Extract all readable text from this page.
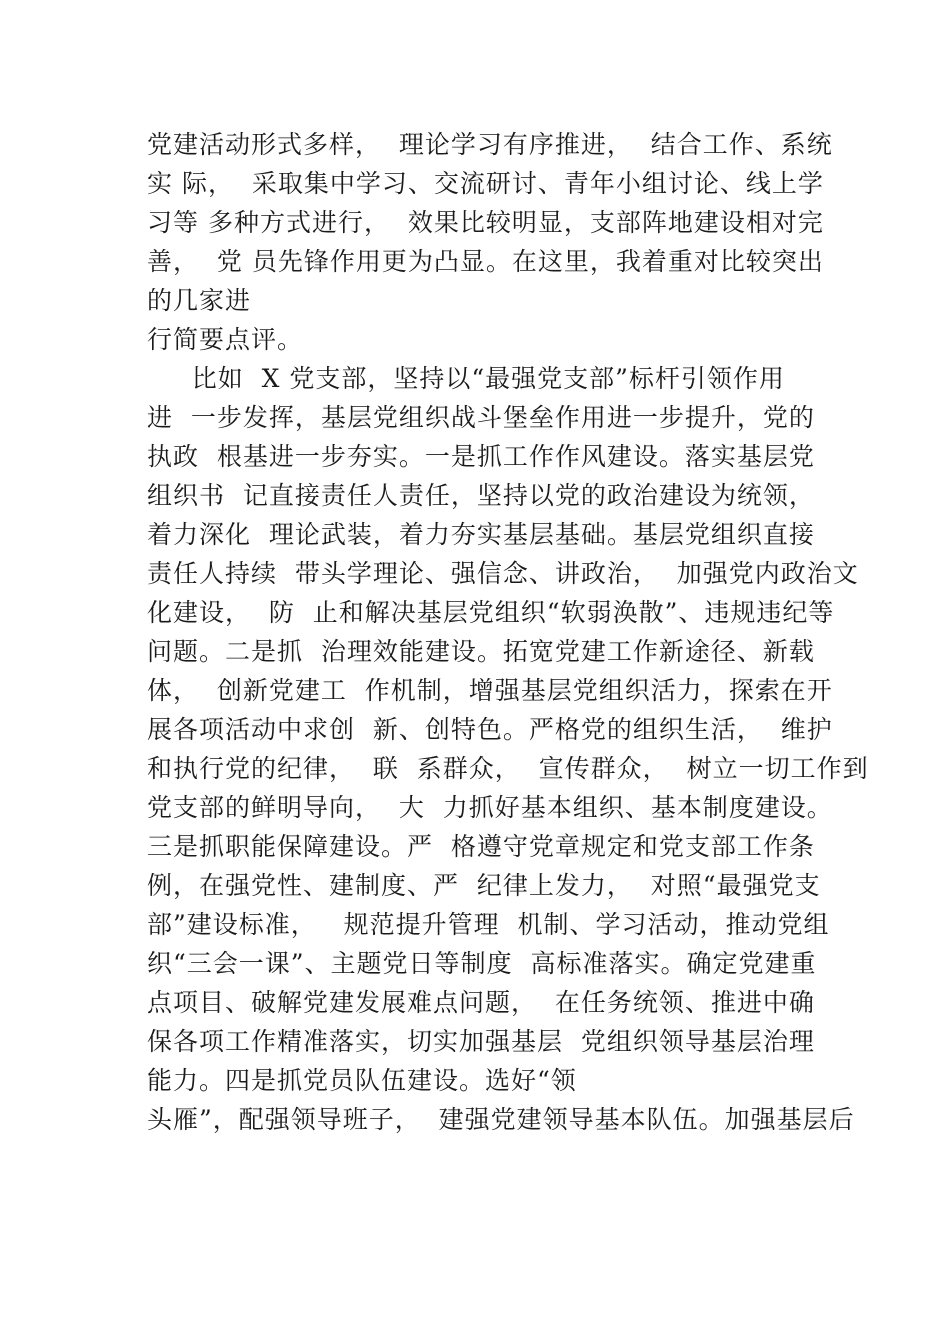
党建活动形式多样，  理论学习有序推进，  结合工作、系统
实 际，  采取集中学习、交流研讨、青年小组讨论、线上学
习等 多种方式进行，  效果比较明显，支部阵地建设相对完
善，  党 员先锋作用更为凸显。在这里，我着重对比较突出
的几家进
行简要点评。
比如  X 党支部，坚持以“最强党支部”标杆引领作用
进  一步发挥，基层党组织战斗堡垒作用进一步提升，党的
执政  根基进一步夯实。一是抓工作作风建设。落实基层党
组织书  记直接责任人责任，坚持以党的政治建设为统领，
着力深化  理论武装，着力夯实基层基础。基层党组织直接
责任人持续  带头学理论、强信念、讲政治，  加强党内政治文
化建设，  防  止和解决基层党组织“软弱涣散”、违规违纪等
问题。二是抓  治理效能建设。拓宽党建工作新途径、新载
体，  创新党建工  作机制，增强基层党组织活力，探索在开
展各项活动中求创  新、创特色。严格党的组织生活，  维护
和执行党的纪律，  联  系群众，  宣传群众，  树立一切工作到
党支部的鲜明导向，  大  力抓好基本组织、基本制度建设。
三是抓职能保障建设。严  格遵守党章规定和党支部工作条
例，在强党性、建制度、严  纪律上发力，  对照“最强党支
部”建设标准，   规范提升管理  机制、学习活动，推动党组
织“三会一课”、主题党日等制度  高标准落实。确定党建重
点项目、破解党建发展难点问题，  在任务统领、推进中确
保各项工作精准落实，切实加强基层  党组织领导基层治理
能力。四是抓党员队伍建设。选好“领
头雁”，配强领导班子，  建强党建领导基本队伍。加强基层后
